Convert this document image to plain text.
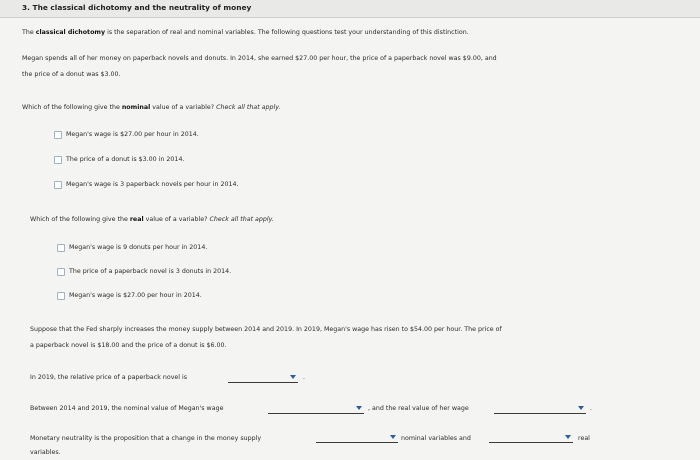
3. The classical dichotomy and the neutrality of money
The classical dichotomy is the separation of real and nominal variables. The following questions test your understanding of this distinction.
Megan spends all of her money on paperback novels and donuts. In 2014, she earned $27.00 per hour, the price of a paperback novel was $9.00, and
the price of a donut was $3.00.
Which of the following give the nominal value of a variable? Check all that apply.
Megan's wage is $27.00 per hour in 2014.
The price of a donut is $3.00 in 2014.
Megan's wage is 3 paperback novels per hour in 2014.
Which of the following give the real value of a variable? Check all that apply.
Megan's wage is 9 donuts per hour in 2014.
The price of a paperback novel is 3 donuts in 2014.
Megan's wage is $27.00 per hour in 2014.
Suppose that the Fed sharply increases the money supply between 2014 and 2019. In 2019, Megan's wage has risen to $54.00 per hour. The price of
a paperback novel is $18.00 and the price of a donut is $6.00.
In 2019, the relative price of a paperback novel is	.
Between 2014 and 2019, the nominal value of Megan's wage	, and the real value of her wage	.
Monetary neutrality is the proposition that a change in the money supply	nominal variables and	real
variables.
